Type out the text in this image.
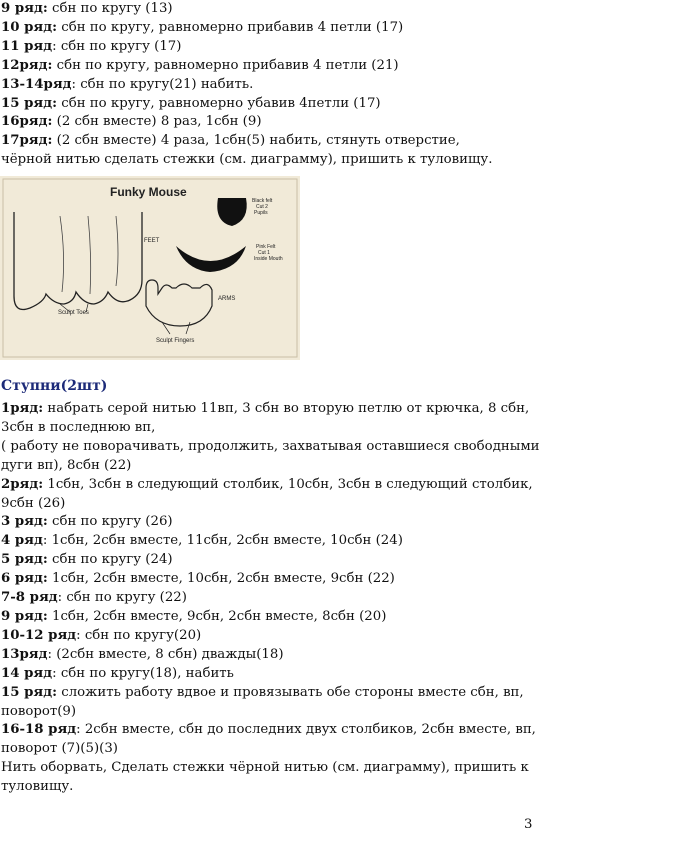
9 ряд: сбн по кругу (13)
10 ряд: сбн по кругу, равномерно прибавив 4 петли (17)
11 ряд: сбн по кругу (17)
12ряд: сбн по кругу, равномерно прибавив 4 петли (21)
13-14ряд: сбн по кругу(21) набить.
15 ряд: сбн по кругу, равномерно убавив 4петли (17)
16ряд: (2 сбн вместе) 8 раз, 1сбн (9)
17ряд: (2 сбн вместе) 4 раза, 1сбн(5) набить, стянуть отверстие,
чёрной нитью сделать стежки (см. диаграмму), пришить к туловищу.
Funky Mouse
FEET
Sculpt Toes
Black felt Cut 2 Pupils
Pink Felt Cut 1 Inside Mouth
ARMS
Sculpt Fingers
Ступни(2шт)
1ряд: набрать серой нитью 11вп, 3 сбн во вторую петлю от крючка, 8 сбн,
3сбн в последнюю вп,
( работу не поворачивать, продолжить, захватывая оставшиеся свободными
дуги вп), 8сбн (22)
2ряд: 1сбн, 3сбн в следующий столбик, 10сбн, 3сбн в следующий столбик,
9сбн (26)
3 ряд: сбн по кругу (26)
4 ряд: 1сбн, 2сбн вместе, 11сбн, 2сбн вместе, 10сбн (24)
5 ряд: сбн по кругу (24)
6 ряд: 1сбн, 2сбн вместе, 10сбн, 2сбн вместе, 9сбн (22)
7-8 ряд: сбн по кругу (22)
9 ряд: 1сбн, 2сбн вместе, 9сбн, 2сбн вместе, 8сбн (20)
10-12 ряд: сбн по кругу(20)
13ряд: (2сбн вместе, 8 сбн) дважды(18)
14 ряд: сбн по кругу(18), набить
15 ряд: сложить работу вдвое и провязывать обе стороны вместе сбн, вп,
поворот(9)
16-18 ряд: 2сбн вместе, сбн до последних двух столбиков, 2сбн вместе, вп,
поворот (7)(5)(3)
Нить оборвать, Сделать стежки чёрной нитью (см. диаграмму), пришить к
туловищу.
3
